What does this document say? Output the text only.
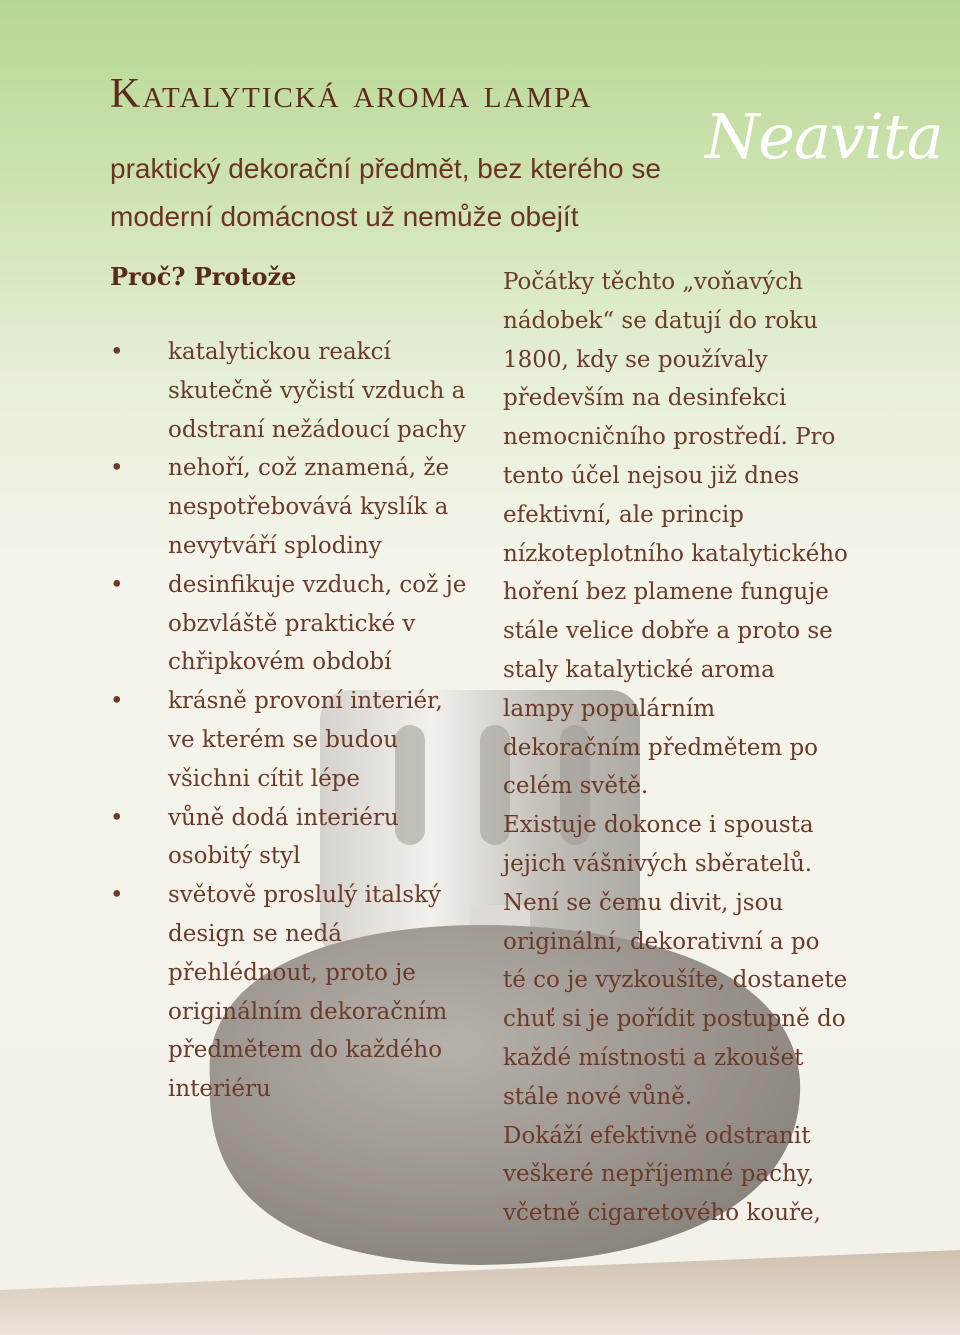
Katalytická aroma lampa
praktický dekorační předmět, bez kterého se moderní domácnost už nemůže obejít
Neavita
Proč? Protože
• katalytickou reakcí skutečně vyčistí vzduch a odstraní nežádoucí pachy
• nehoří, což znamená, že nespotřebovává kyslík a nevytváří splodiny
• desinfikuje vzduch, což je obzvláště praktické v chřipkovém období
• krásně provoní interiér, ve kterém se budou všichni cítit lépe
• vůně dodá interiéru osobitý styl
• světově proslulý italský design se nedá přehlédnout, proto je originálním dekoračním předmětem do každého interiéru

Počátky těchto „voňavých nádobek“ se datují do roku 1800, kdy se používaly především na desinfekci nemocničního prostředí. Pro tento účel nejsou již dnes efektivní, ale princip nízkoteplotního katalytického hoření bez plamene funguje stále velice dobře a proto se staly katalytické aroma lampy populárním dekoračním předmětem po celém světě.

Existuje dokonce i spousta jejich vášnivých sběratelů.

Není se čemu divit, jsou originální, dekorativní a po té co je vyzkoušíte, dostanete chuť si je pořídit postupně do každé místnosti a zkoušet stále nové vůně.

Dokáží efektivně odstranit veškeré nepříjemné pachy, včetně cigaretového kouře,
